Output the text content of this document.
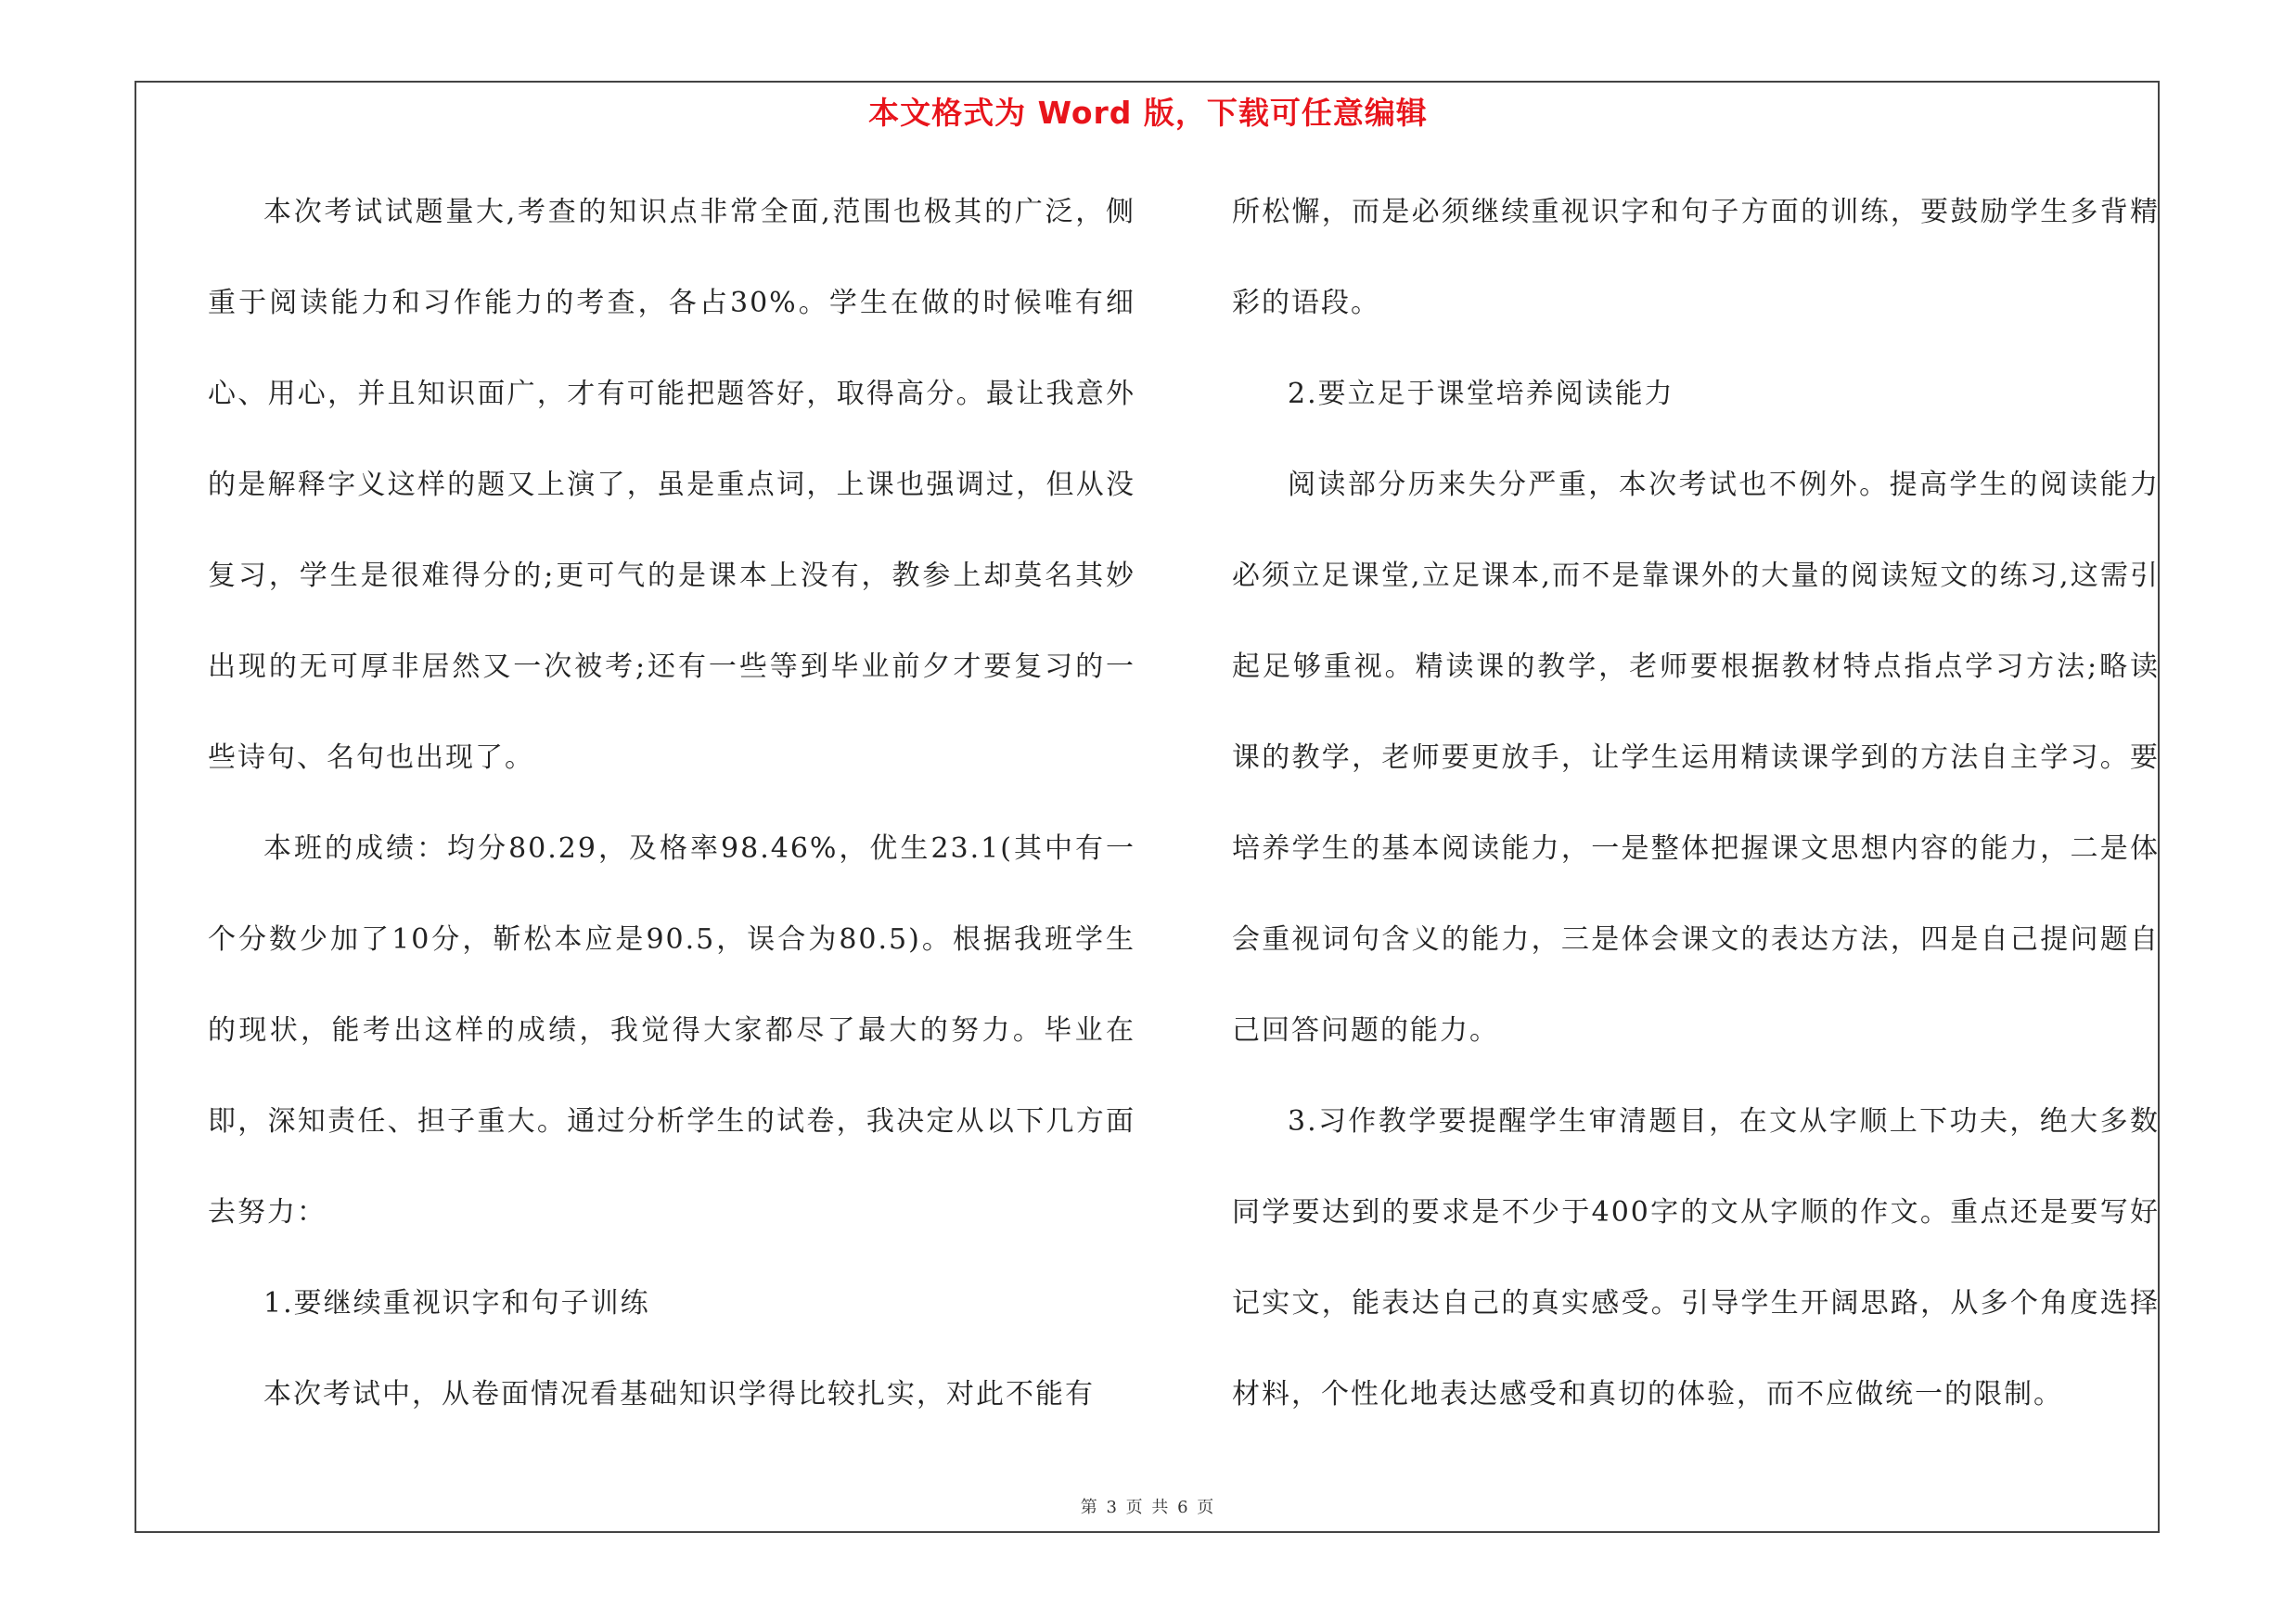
本文格式为 Word 版，下载可任意编辑

本次考试试题量大,考查的知识点非常全面,范围也极其的广泛，侧重于阅读能力和习作能力的考查，各占30%。学生在做的时候唯有细心、用心，并且知识面广，才有可能把题答好，取得高分。最让我意外的是解释字义这样的题又上演了，虽是重点词，上课也强调过，但从没复习，学生是很难得分的;更可气的是课本上没有，教参上却莫名其妙出现的无可厚非居然又一次被考;还有一些等到毕业前夕才要复习的一些诗句、名句也出现了。

本班的成绩：均分80.29，及格率98.46%，优生23.1(其中有一个分数少加了10分，靳松本应是90.5，误合为80.5)。根据我班学生的现状，能考出这样的成绩，我觉得大家都尽了最大的努力。毕业在即，深知责任、担子重大。通过分析学生的试卷，我决定从以下几方面去努力：

1.要继续重视识字和句子训练

本次考试中，从卷面情况看基础知识学得比较扎实，对此不能有

所松懈，而是必须继续重视识字和句子方面的训练，要鼓励学生多背精彩的语段。

2.要立足于课堂培养阅读能力

阅读部分历来失分严重，本次考试也不例外。提高学生的阅读能力必须立足课堂,立足课本,而不是靠课外的大量的阅读短文的练习,这需引起足够重视。精读课的教学，老师要根据教材特点指点学习方法;略读课的教学，老师要更放手，让学生运用精读课学到的方法自主学习。要培养学生的基本阅读能力，一是整体把握课文思想内容的能力，二是体会重视词句含义的能力，三是体会课文的表达方法，四是自己提问题自己回答问题的能力。

3.习作教学要提醒学生审清题目，在文从字顺上下功夫，绝大多数同学要达到的要求是不少于400字的文从字顺的作文。重点还是要写好记实文，能表达自己的真实感受。引导学生开阔思路，从多个角度选择材料，个性化地表达感受和真切的体验，而不应做统一的限制。

第 3 页 共 6 页
